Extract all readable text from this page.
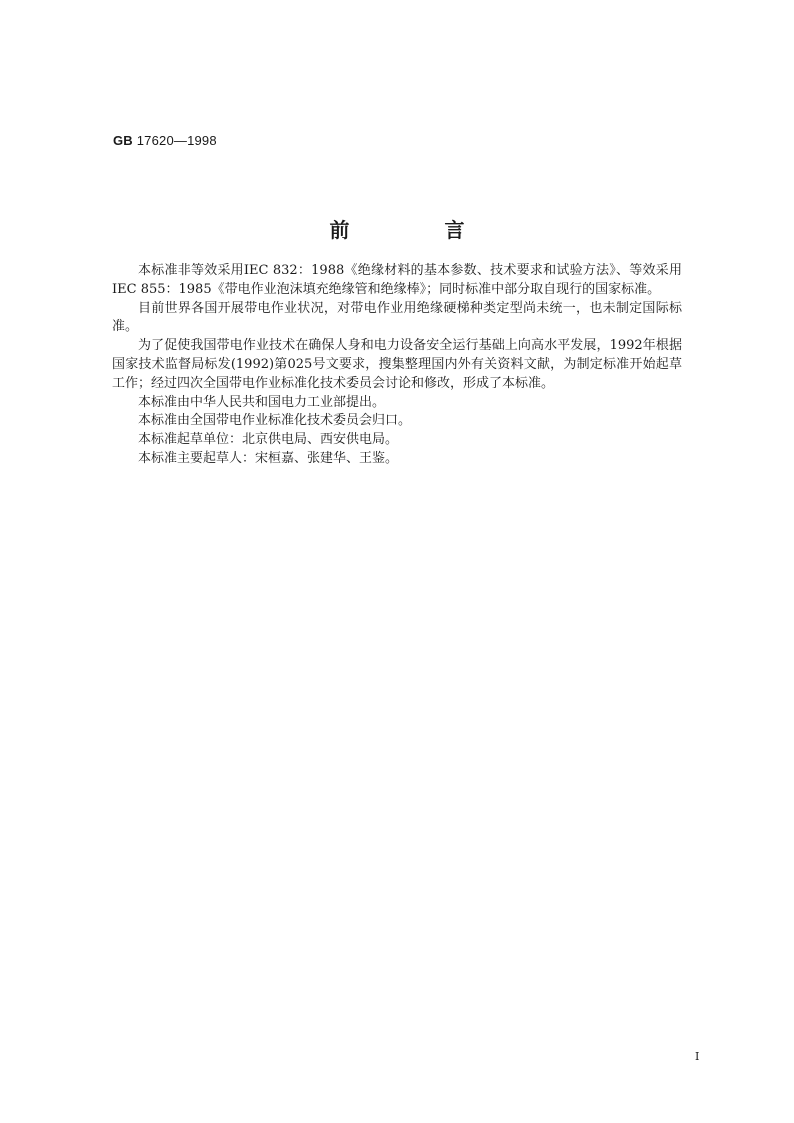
GB 17620—1998
前 言

本标准非等效采用IEC 832：1988《绝缘材料的基本参数、技术要求和试验方法》、等效采用IEC 855：1985《带电作业泡沫填充绝缘管和绝缘棒》；同时标准中部分取自现行的国家标准。

目前世界各国开展带电作业状况，对带电作业用绝缘硬梯种类定型尚未统一，也未制定国际标准。

为了促使我国带电作业技术在确保人身和电力设备安全运行基础上向高水平发展，1992年根据国家技术监督局标发(1992)第025号文要求，搜集整理国内外有关资料文献，为制定标准开始起草工作；经过四次全国带电作业标准化技术委员会讨论和修改，形成了本标准。

本标准由中华人民共和国电力工业部提出。

本标准由全国带电作业标准化技术委员会归口。

本标准起草单位：北京供电局、西安供电局。

本标准主要起草人：宋桓嘉、张建华、王鉴。

I
